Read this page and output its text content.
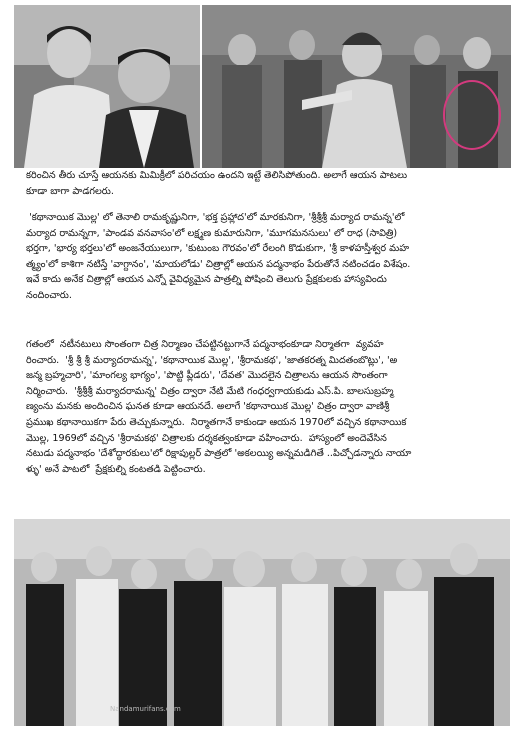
కరించిన తీరు చూస్తే ఆయనకు మిమిక్రీలో పరిచయం ఉందని ఇట్టే తెలిసిపోతుంది. అలాగే ఆయన పాటలు

కూడా బాగా పాడగలరు.

'కథానాయిక మొల్ల' లో తెనాలి రామకృష్ణునిగా, 'భక్త ప్రహ్లాద'లో మారకునిగా, 'శ్రీశ్రీశ్రీ మర్యాద రామన్న'లో

మర్యాద రామన్నగా, 'పాండవ వనవాసం'లో లక్ష్మణ కుమారునిగా, 'మూగమనసులు' లో రాధ (సావిత్రి)

భర్తగా, 'భార్య భర్తలు'లో అంజనేయులుగా, 'కుటుంబ గౌరవం'లో రేలంగి కొడుకుగా, 'శ్రీ కాళహస్తీశ్వర మహ

త్మ్యం'లో కాశిగా నటిస్తే 'వాగ్దానం', 'మాయలోడు' చిత్రాల్లో ఆయన పద్మనాభం పేరుతోనే నటించడం విశేషం.

ఇవే కాదు అనేక చిత్రాల్లో ఆయన ఎన్నో వైవిధ్యమైన పాత్రల్ని పోషించి తెలుగు ప్రేక్షకులకు హాస్యవిందు

నందించారు.

గతంలో  నటీనటులు సొంతంగా చిత్ర నిర్మాణం చేపట్టినట్టుగానే పద్మనాభంకూడా నిర్మాతగా  వ్యవహ

రించారు.  'శ్రీ శ్రీ శ్రీ మర్యాదరామన్న', 'కథానాయిక మొల్ల', 'శ్రీరామకథ', 'జాతకరత్న మిదతంబొట్లు', 'అ

జన్మ బ్రహ్మచారి', 'మాంగల్య భాగ్యం', 'పొట్టి ప్లీడరు', 'దేవత' మొదలైన చిత్రాలను ఆయన సొంతంగా

నిర్మించారు.  'శ్రీశ్రీశ్రీ మర్యాదరామన్న' చిత్రం ద్వారా నేటి మేటి గంధర్వగాయకుడు ఎస్.పి. బాలసుబ్రహ్మ

ణ్యంను మనకు అందించిన ఘనత కూడా ఆయనదే. అలాగే 'కథానాయిక మొల్ల' చిత్రం ద్వారా వాణిశ్రీ

ప్రముఖ కథానాయికగా పేరు తెచ్చుకున్నారు.  నిర్మాతగానే కాకుండా ఆయన 1970లో వచ్చిన కథానాయిక

మొల్ల, 1969లో వచ్చిన 'శ్రీరామకథ' చిత్రాలకు దర్శకత్వంకూడా వహించారు.  హాస్యంలో అందెవేసిన

నటుడు పద్మనాభం 'దేశోద్ధారకులు'లో రిక్షాపుల్లర్ పాత్రలో 'అకలయ్యి అన్నమడిగితే ..పిచ్చోడన్నారు నాయా

ళ్ళు' అనే పాటలో  ప్రేక్షకుల్ని కంటతడి పెట్టించారు.

Nandamurifans.com
